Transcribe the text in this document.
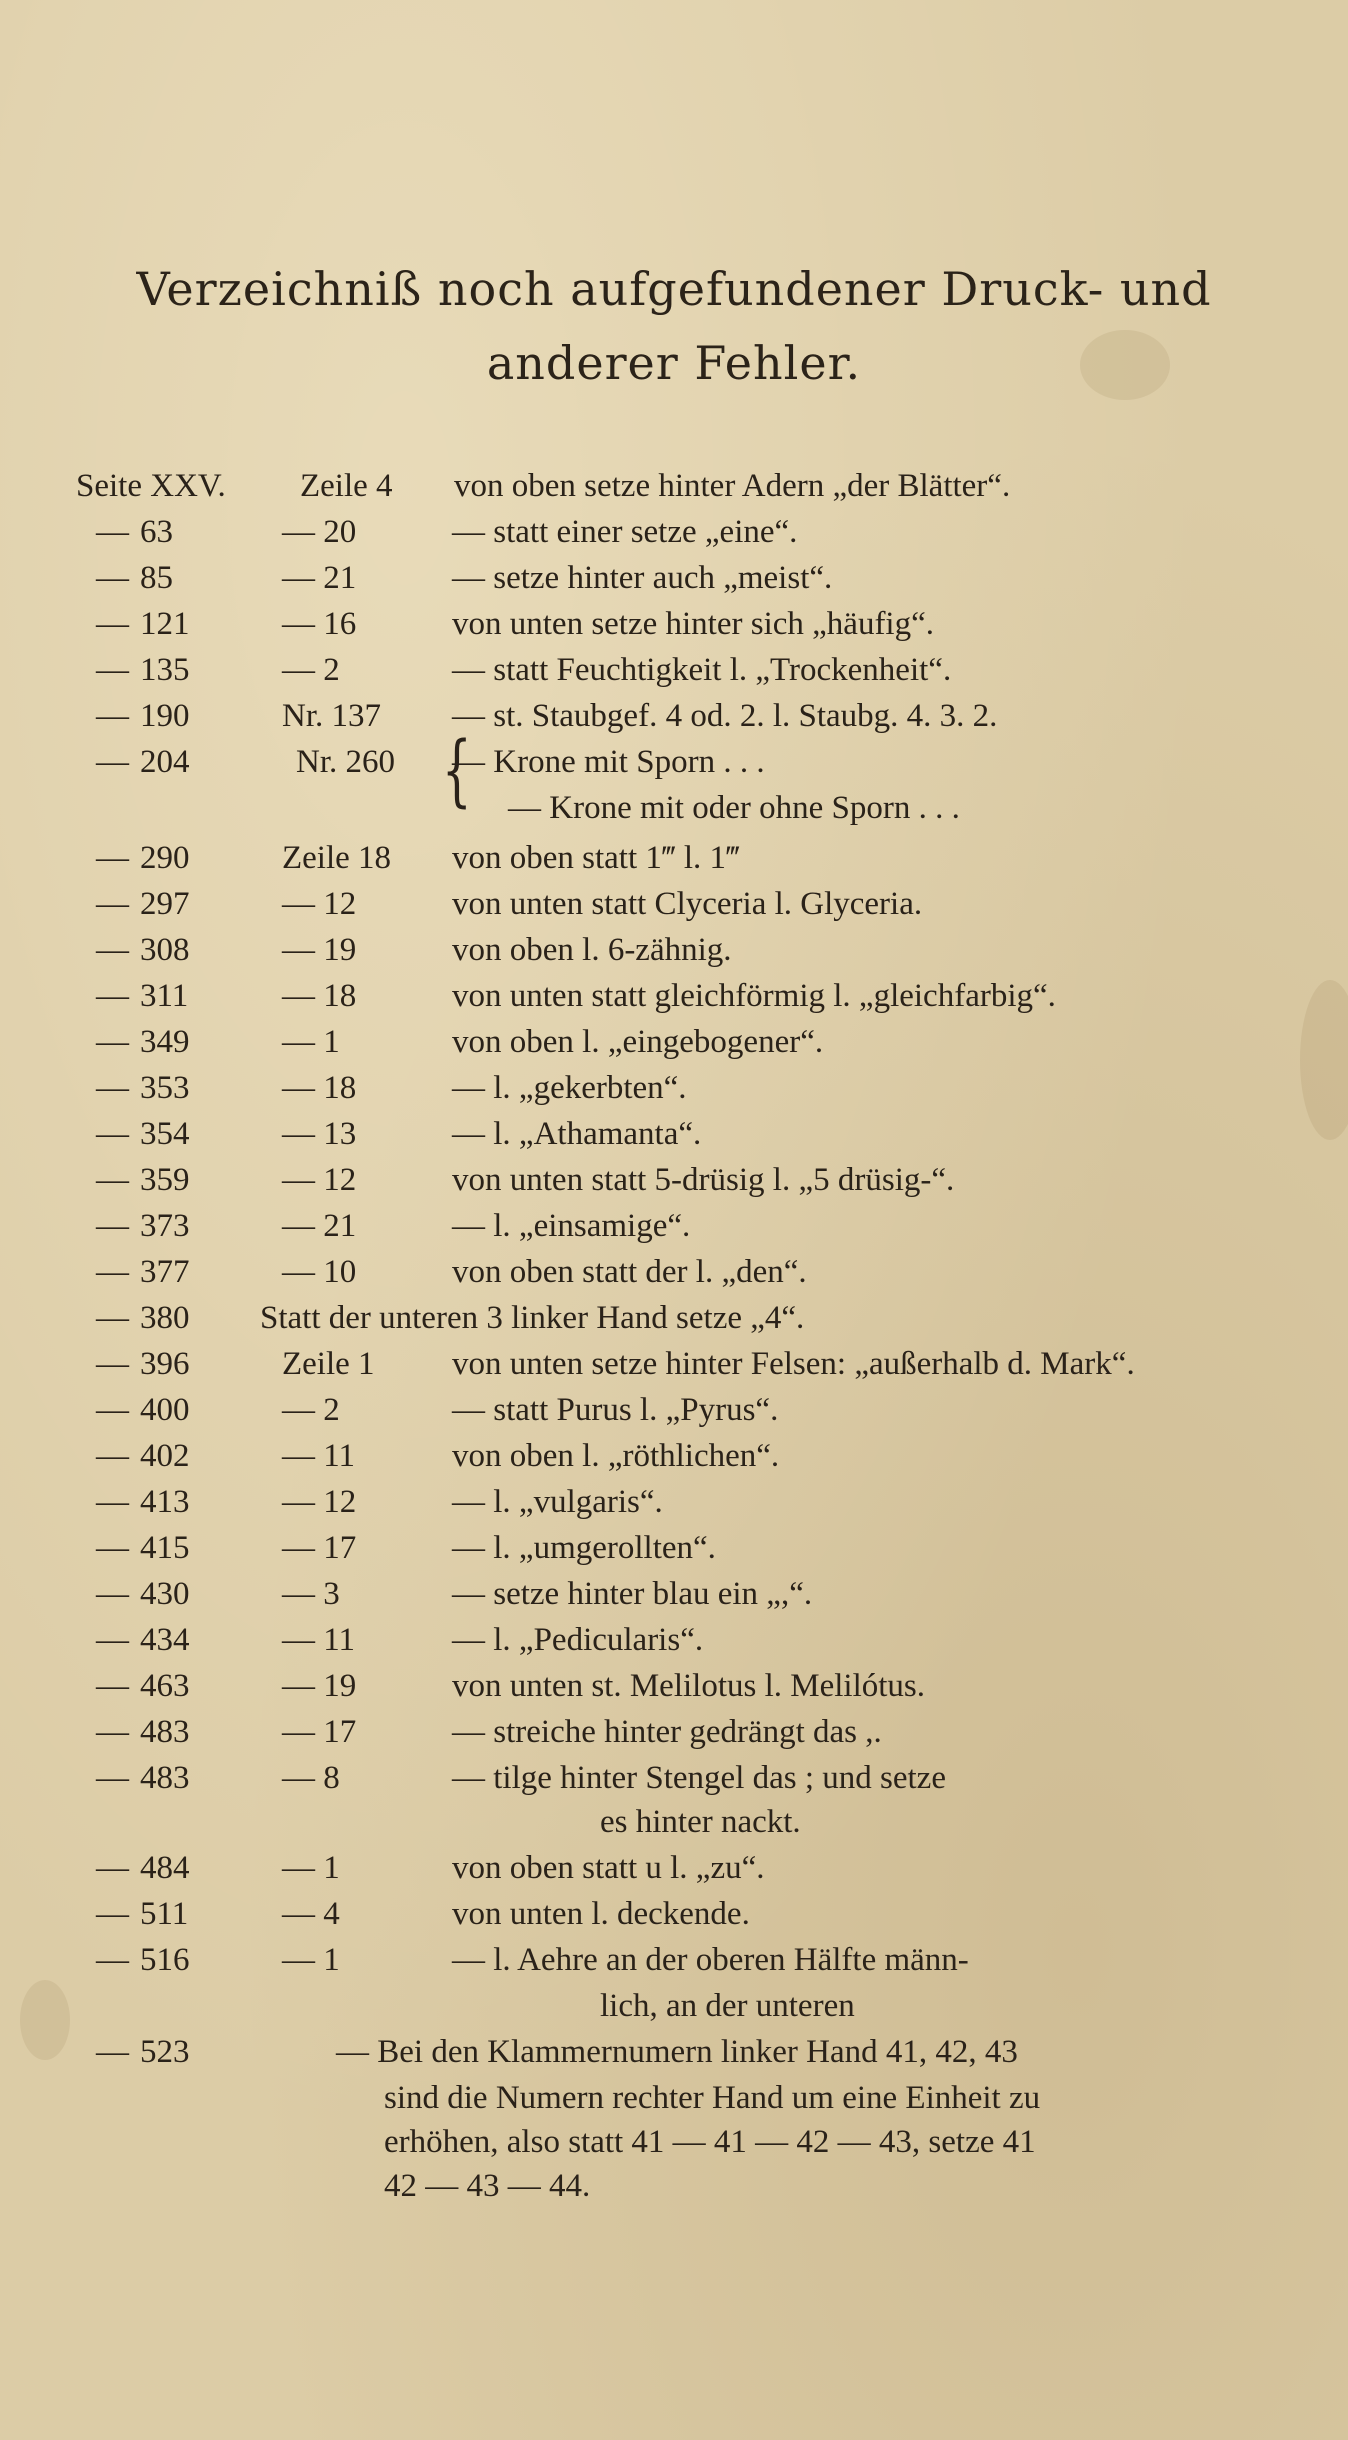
Verzeichniß noch aufgefundener Druck- und
anderer Fehler.
Seite XXV. Zeile 4 von oben setze hinter Adern „der Blätter“.
— 63	— 20	— statt einer setze „eine“.
— 85	— 21	— setze hinter auch „meist“.
— 121	— 16	von unten setze hinter sich „häufig“.
— 135	— 2	— statt Feuchtigkeit l. „Trockenheit“.
— 190	Nr. 137 — st. Staubgef. 4 od. 2. l. Staubg. 4. 3. 2.
— 204	Nr. 260 — Krone mit Sporn . . .
— Krone mit oder ohne Sporn . . .
— 290	Zeile 18 von oben statt 1‴ l. 1‴
— 297	— 12	von unten statt Clyceria l. Glyceria.
— 308	— 19	von oben l. 6-zähnig.
— 311	— 18	von unten statt gleichförmig l. „gleichfarbig“.
— 349	— 1	von oben l. „eingebogener“.
— 353	— 18	— l. „gekerbten“.
— 354	— 13	— l. „Athamanta“.
— 359	— 12	von unten statt 5-drüsig l. „5 drüsig-“.
— 373	— 21	— l. „einsamige“.
— 377	— 10	von oben statt der l. „den“.
— 380	Statt der unteren 3 linker Hand setze „4“.
— 396	Zeile 1 von unten setze hinter Felsen: „außerhalb d. Mark“.
— 400	— 2	— statt Purus l. „Pyrus“.
— 402	— 11	von oben l. „röthlichen“.
— 413	— 12	— l. „vulgaris“.
— 415	— 17	— l. „umgerollten“.
— 430	— 3	— setze hinter blau ein „,“.
— 434	— 11	— l. „Pedicularis“.
— 463	— 19	von unten st. Melilotus l. Melilótus.
— 483	— 17	— streiche hinter gedrängt das ,.
— 483	— 8	— tilge hinter Stengel das ; und setze
es hinter nackt.
— 484	— 1	von oben statt u l. „zu“.
— 511	— 4	von unten l. deckende.
— 516	— 1	— l. Aehre an der oberen Hälfte männ-
lich, an der unteren
— 523	— Bei den Klammernumern linker Hand 41, 42, 43
sind die Numern rechter Hand um eine Einheit zu
erhöhen, also statt 41 — 41 — 42 — 43, setze 41
42 — 43 — 44.
{
